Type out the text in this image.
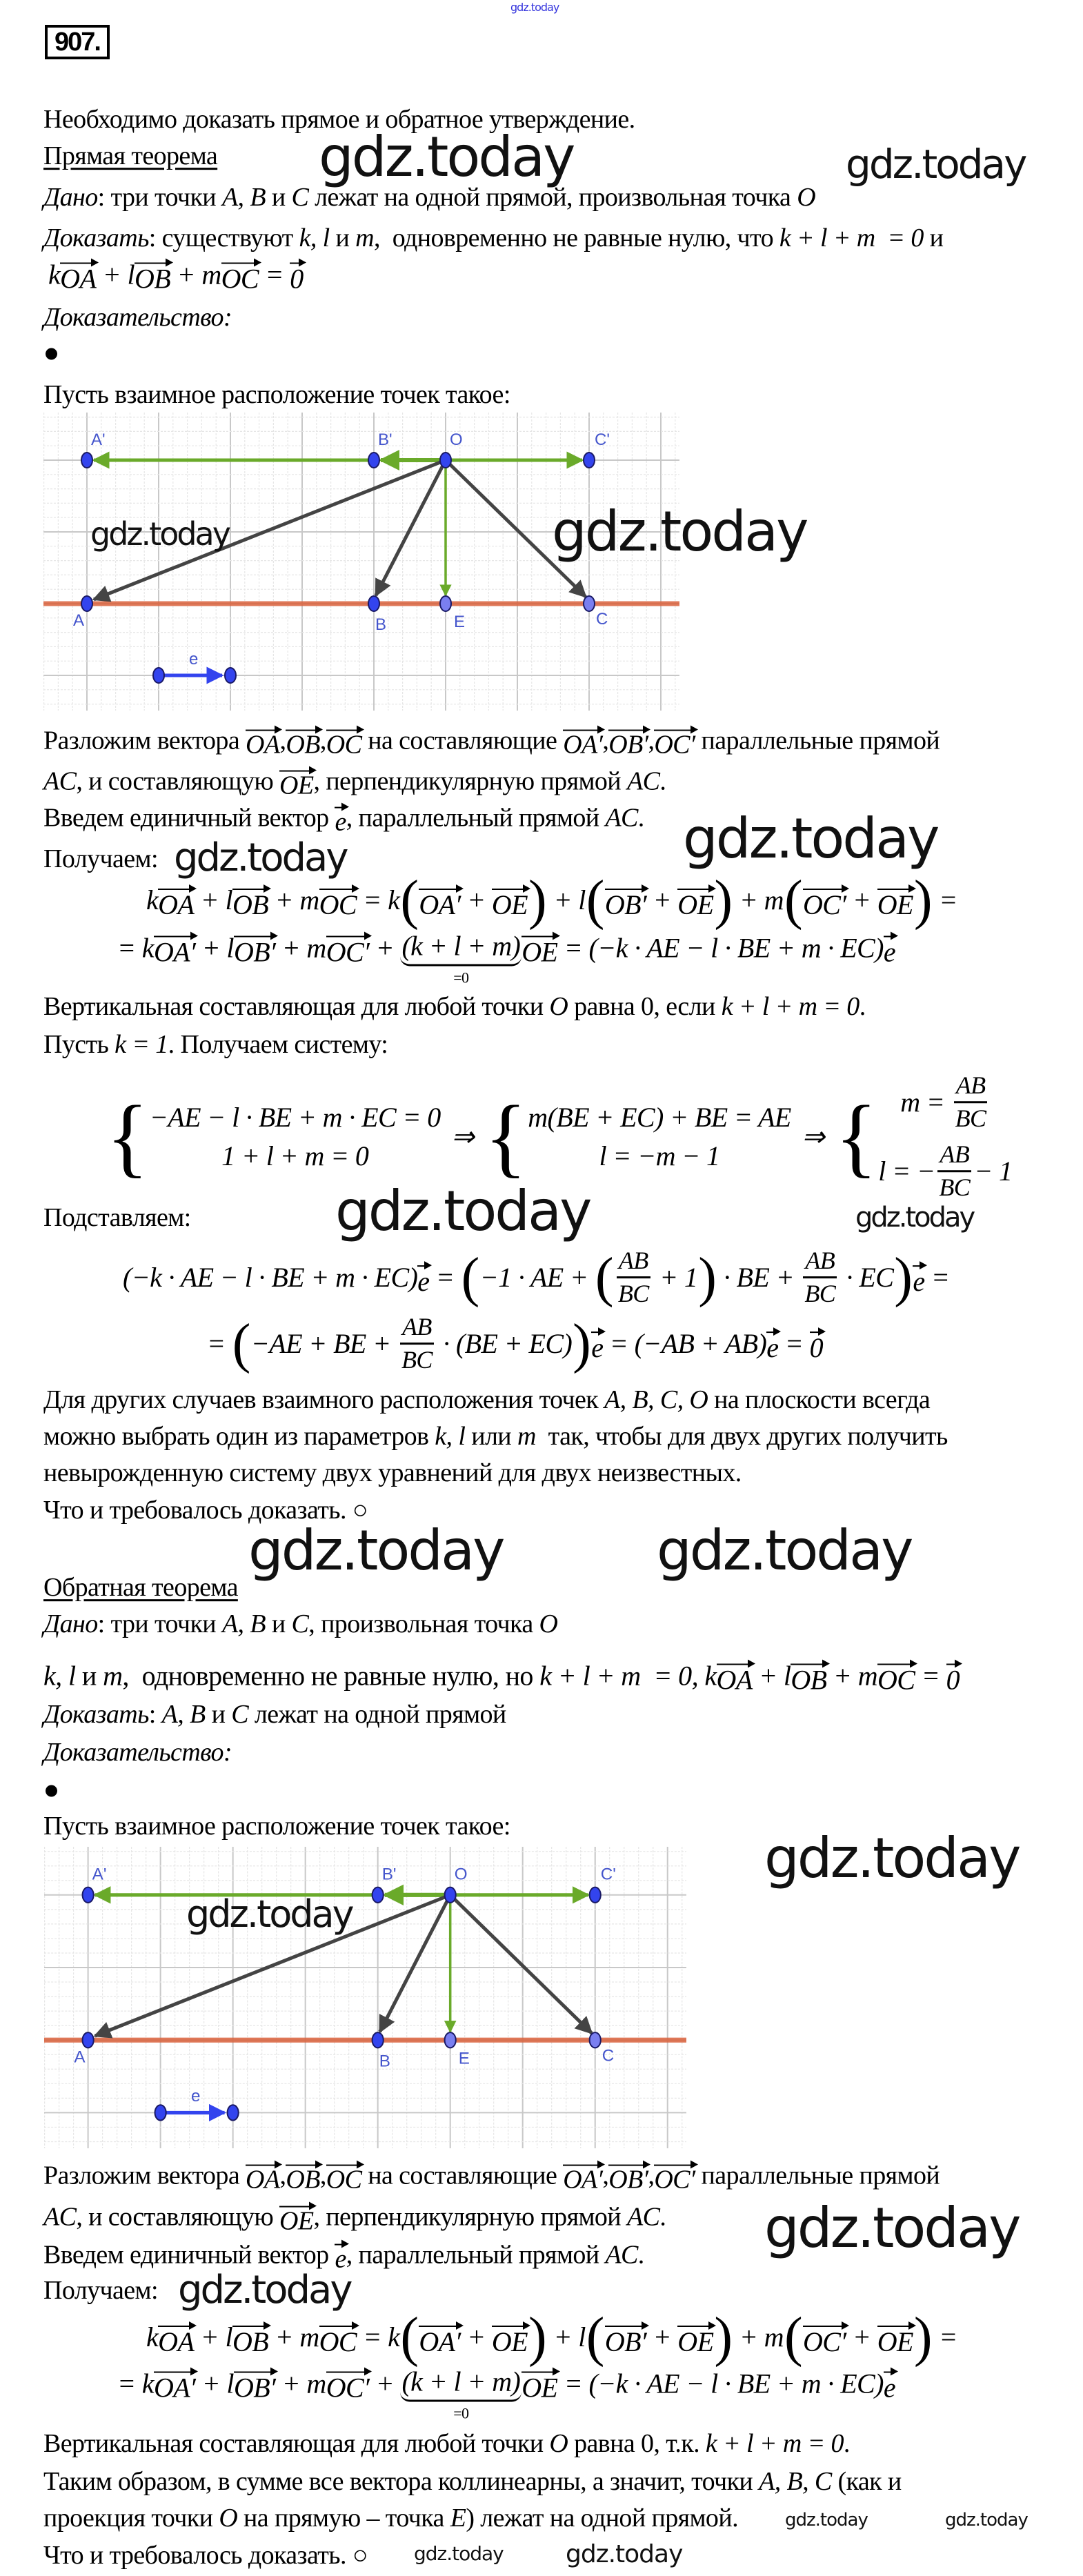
gdz.today
gdz.today	gdz.today
gdz.today
gdz.today
gdz.today	gdz.today
gdz.today	gdz.today
gdz.today
gdz.today
gdz.today
gdz.today	gdz.today
gdz.today	gdz.today
907.
Необходимо доказать прямое и обратное утверждение.
Прямая теорема
Дано : три точки A, B и C лежат на одной прямой, произвольная точка O
Доказать : существуют k, l и m ,  одновременно не равные нулю, что k + l + m  = 0 и
k OA + l OB + m OC = 0
Доказательство:
Пусть взаимное расположение точек такое:
A'	B'	O	C'
A	B	E	C
e
gdz.today	gdz.today
Разложим вектора OA , OB , OC на составляющие OA′ , OB′ , OC′ параллельные прямой
AC , и составляющую OE , перпендикулярную прямой AC .
Введем единичный вектор e , параллельный прямой AC .
Получаем:
k OA + l OB + m OC = k ( OA′ + OE ) + l ( OB′ + OE ) + m ( OC′ + OE ) =
= k OA′ + l OB′ + m OC′ + (k + l + m)
=0
OE = (−k · AE − l · BE + m · EC) e
Вертикальная составляющая для любой точки O равна 0, если k + l + m = 0 .
Пусть k = 1 . Получаем систему:
{ −AE − l · BE + m · EC = 0
1 + l + m = 0
⇒ { m(BE + EC) + BE = AE
l = −m − 1
⇒ { $m = \frac{AB}{BC}$
l = − $\frac{AB}{BC} - 1$
Подставляем:
(−k · AE − l · BE + m · EC) e = ( −1 · AE + ( $\frac{AB}{BC} + 1$ ) · BE + $\frac{AB}{BC}$ · EC ) e =
= ( −AE + BE + $\frac{AB}{BC} \cdot (BE + EC)$ ) e = (−AB + AB) e = 0
Для других случаев взаимного расположения точек A, B, C, O на плоскости всегда
можно выбрать один из параметров k, l или m так, чтобы для двух других получить
невырожденную систему двух уравнений для двух неизвестных.
Что и требовалось доказать. ○
Обратная теорема
Дано : три точки A, B и C , произвольная точка O
k, l и m ,  одновременно не равные нулю, но k + l + m  = 0, k OA + l OB + m OC = 0
Доказать : A, B и C лежат на одной прямой
Доказательство:
Пусть взаимное расположение точек такое:
A'	B'	O	C'
A	B	E	C
e
gdz.today
Разложим вектора OA , OB , OC на составляющие OA′ , OB′ , OC′ параллельные прямой
AC , и составляющую OE , перпендикулярную прямой AC .
Введем единичный вектор e , параллельный прямой AC .
Получаем:
k OA + l OB + m OC = k ( OA′ + OE ) + l ( OB′ + OE ) + m ( OC′ + OE ) =
= k OA′ + l OB′ + m OC′ + (k + l + m)
=0
OE = (−k · AE − l · BE + m · EC) e
Вертикальная составляющая для любой точки O равна 0, т.к. k + l + m = 0 .
Таким образом, в сумме все вектора коллинеарны, а значит, точки A, B, C (как и
проекция точки O на прямую – точка E ) лежат на одной прямой.
Что и требовалось доказать. ○
